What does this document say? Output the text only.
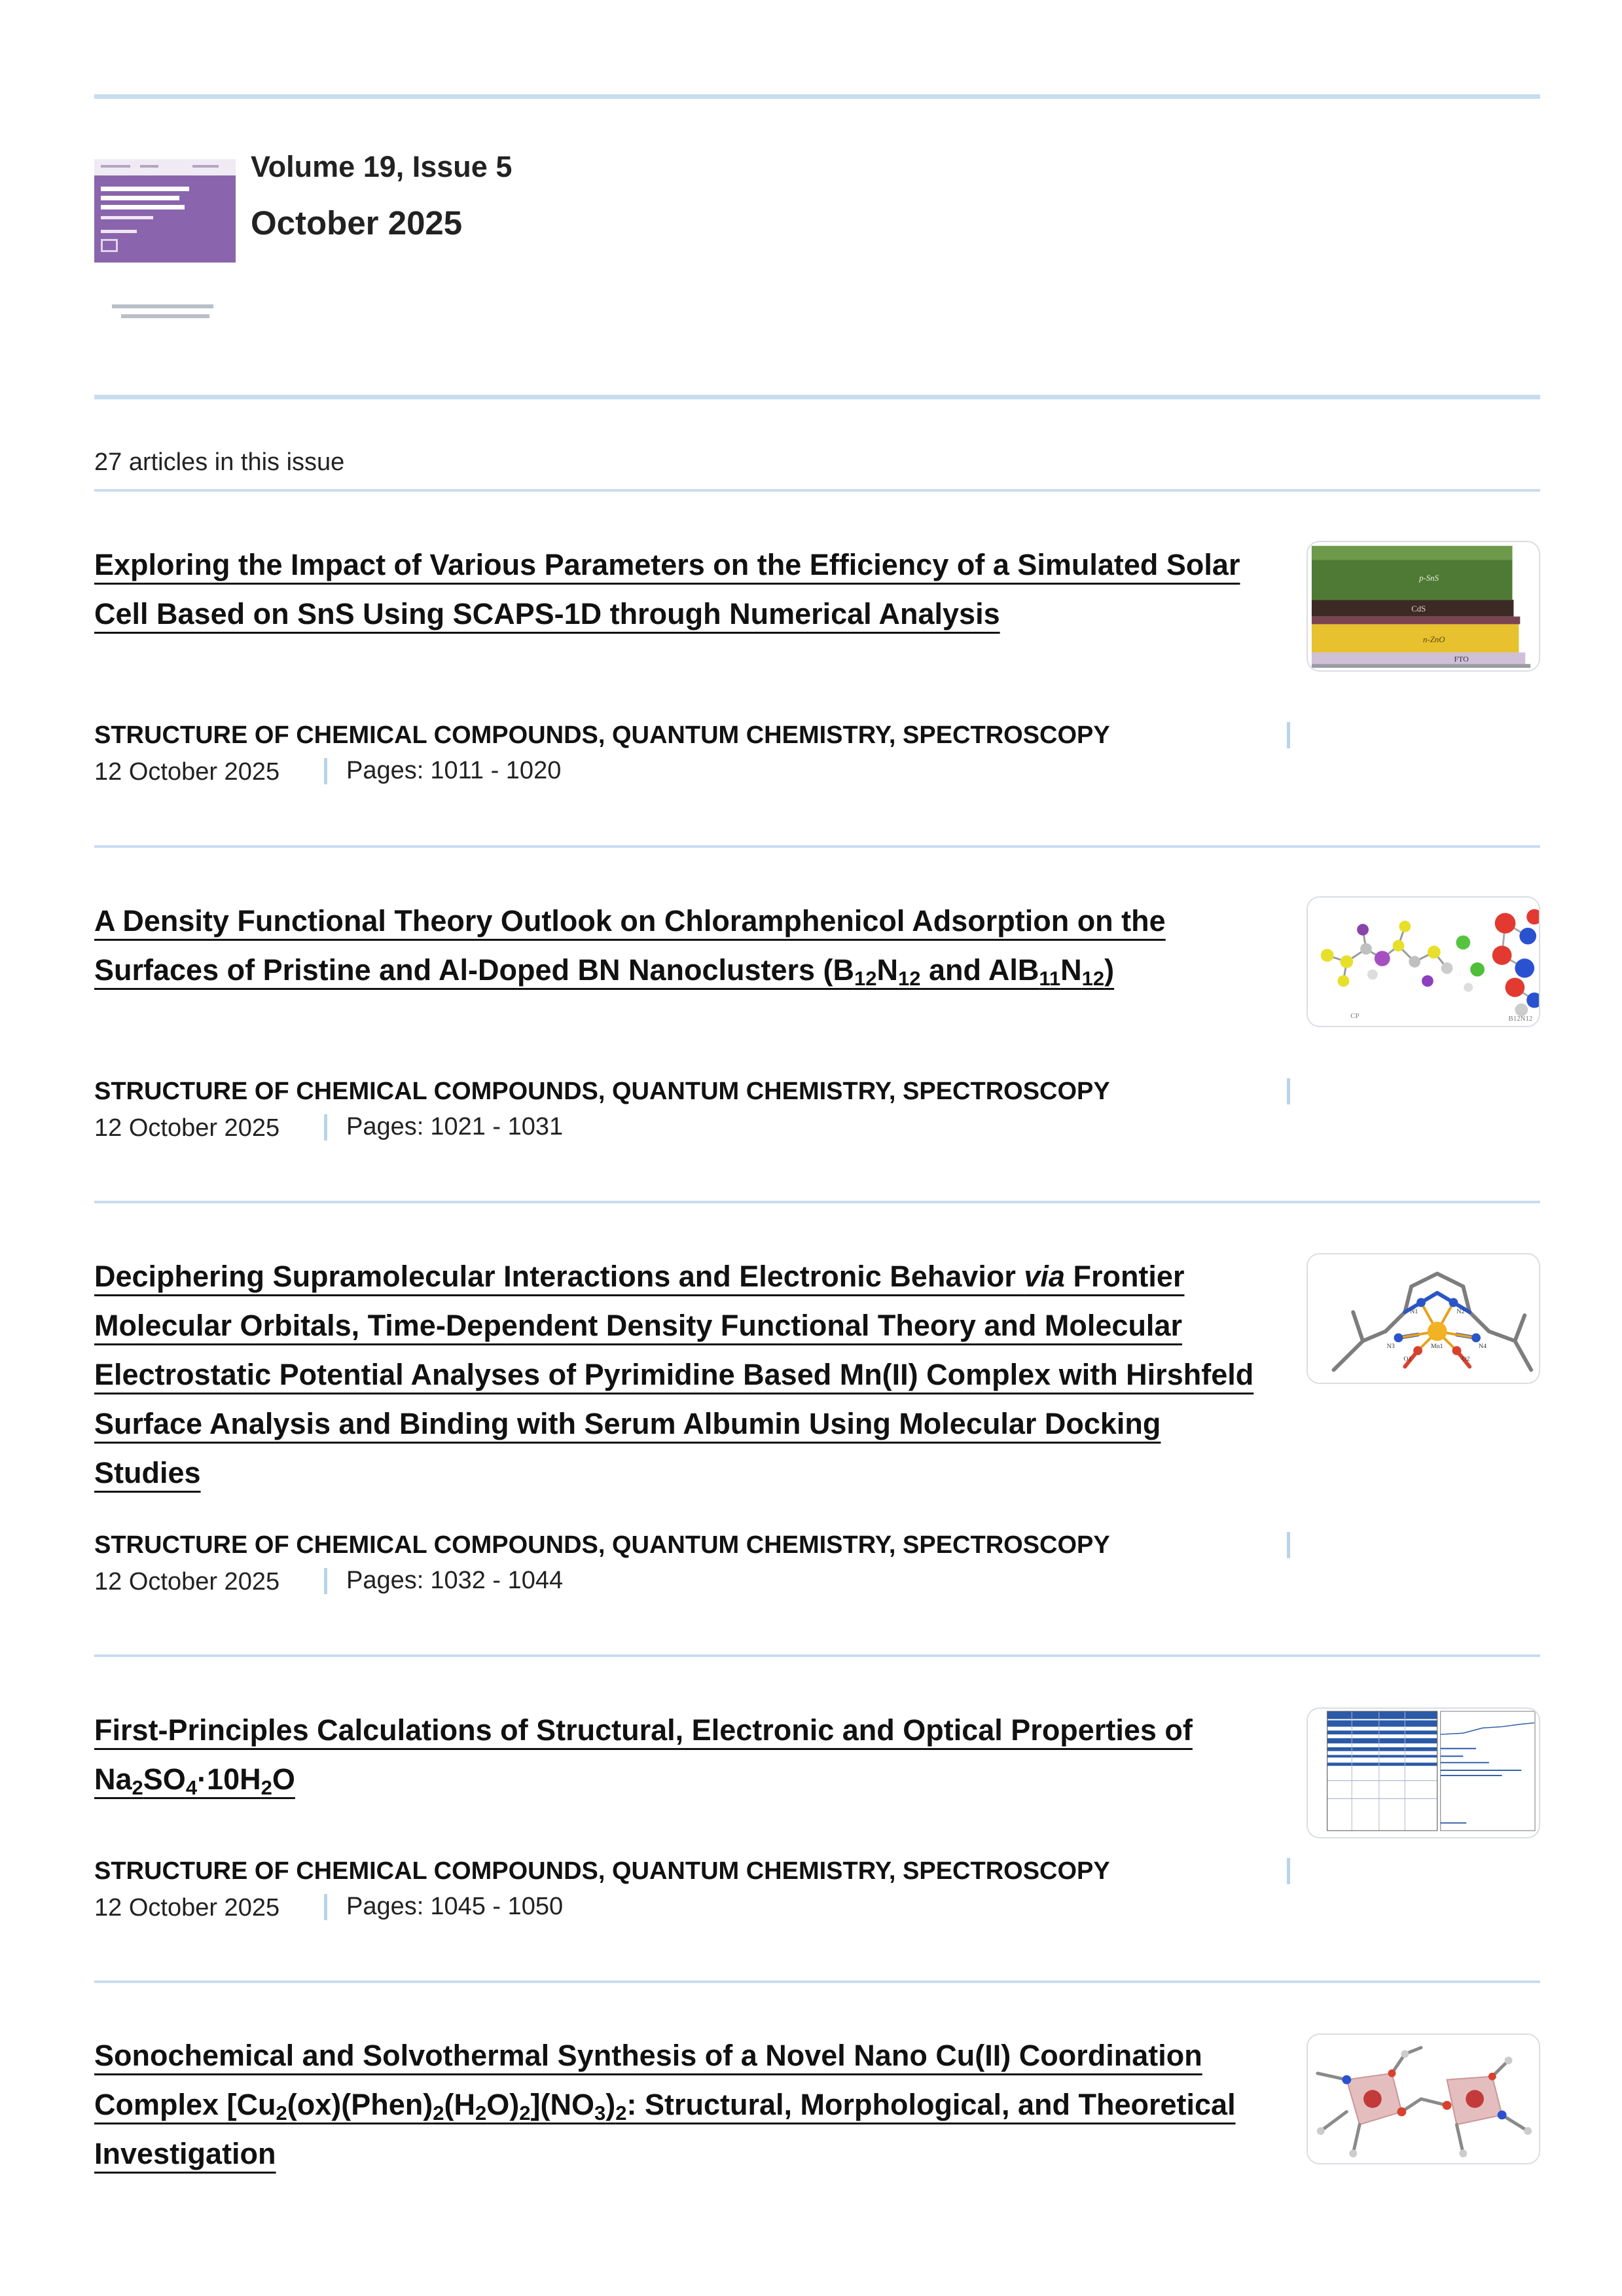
Volume 19, Issue 5
October 2025
27 articles in this issue
Exploring the Impact of Various Parameters on the Efficiency of a Simulated Solar Cell Based on SnS Using SCAPS-1D through Numerical Analysis
STRUCTURE OF CHEMICAL COMPOUNDS, QUANTUM CHEMISTRY, SPECTROSCOPY
12 October 2025	Pages: 1011 - 1020
p-SnS
CdS
n-ZnO
FTO
A Density Functional Theory Outlook on Chloramphenicol Adsorption on the Surfaces of Pristine and Al-Doped BN Nanoclusters ($B_{12}N_{12}$ and $AlB_{11}N_{12}$)
STRUCTURE OF CHEMICAL COMPOUNDS, QUANTUM CHEMISTRY, SPECTROSCOPY
12 October 2025	Pages: 1021 - 1031
CP	B12N12
Deciphering Supramolecular Interactions and Electronic Behavior via Frontier Molecular Orbitals, Time-Dependent Density Functional Theory and Molecular Electrostatic Potential Analyses of Pyrimidine Based Mn(II) Complex with Hirshfeld Surface Analysis and Binding with Serum Albumin Using Molecular Docking Studies
STRUCTURE OF CHEMICAL COMPOUNDS, QUANTUM CHEMISTRY, SPECTROSCOPY
12 October 2025	Pages: 1032 - 1044
N1	N2
N3	N4
Mn1
O1	O2
First-Principles Calculations of Structural, Electronic and Optical Properties of $Na_2SO_4\cdot 10H_2O$
STRUCTURE OF CHEMICAL COMPOUNDS, QUANTUM CHEMISTRY, SPECTROSCOPY
12 October 2025	Pages: 1045 - 1050
Sonochemical and Solvothermal Synthesis of a Novel Nano Cu(II) Coordination Complex $[Cu_2(ox)(Phen)_2(H_2O)_2](NO_3)_2$: Structural, Morphological, and Theoretical Investigation
